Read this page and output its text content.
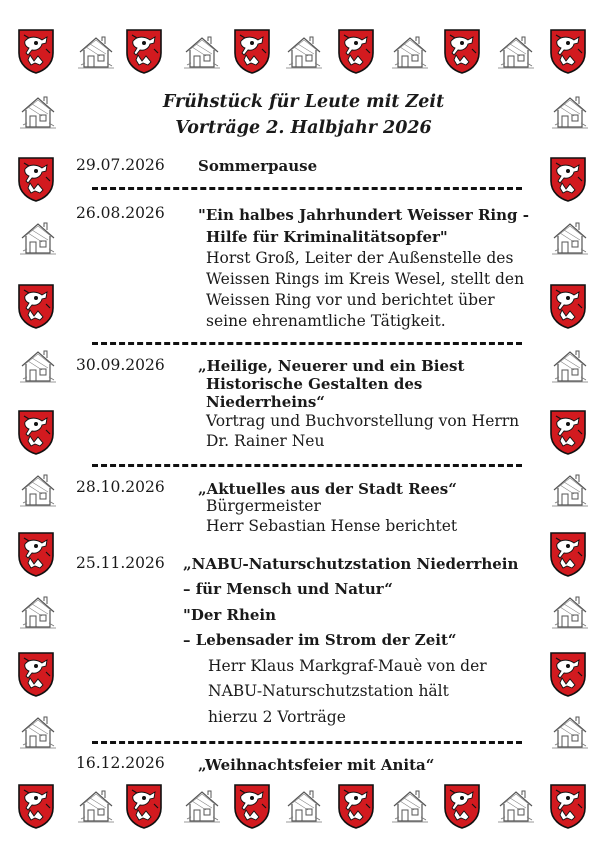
Frühstück für Leute mit Zeit
Vorträge 2. Halbjahr 2026
29.07.2026 Sommerpause
26.08.2026 "Ein halbes Jahrhundert Weisser Ring -
Hilfe für Kriminalitätsopfer"
Horst Groß, Leiter der Außenstelle des
Weissen Rings im Kreis Wesel, stellt den
Weissen Ring vor und berichtet über
seine ehrenamtliche Tätigkeit.
30.09.2026 „Heilige, Neuerer und ein Biest
Historische Gestalten des
Niederrheins“
Vortrag und Buchvorstellung von Herrn
Dr. Rainer Neu
28.10.2026 „Aktuelles aus der Stadt Rees“
Bürgermeister
Herr Sebastian Hense berichtet
25.11.2026 „NABU-Naturschutzstation Niederrhein
– für Mensch und Natur“
"Der Rhein
– Lebensader im Strom der Zeit“
Herr Klaus Markgraf-Mauè von der
NABU-Naturschutzstation hält
hierzu 2 Vorträge
16.12.2026 „Weihnachtsfeier mit Anita“
